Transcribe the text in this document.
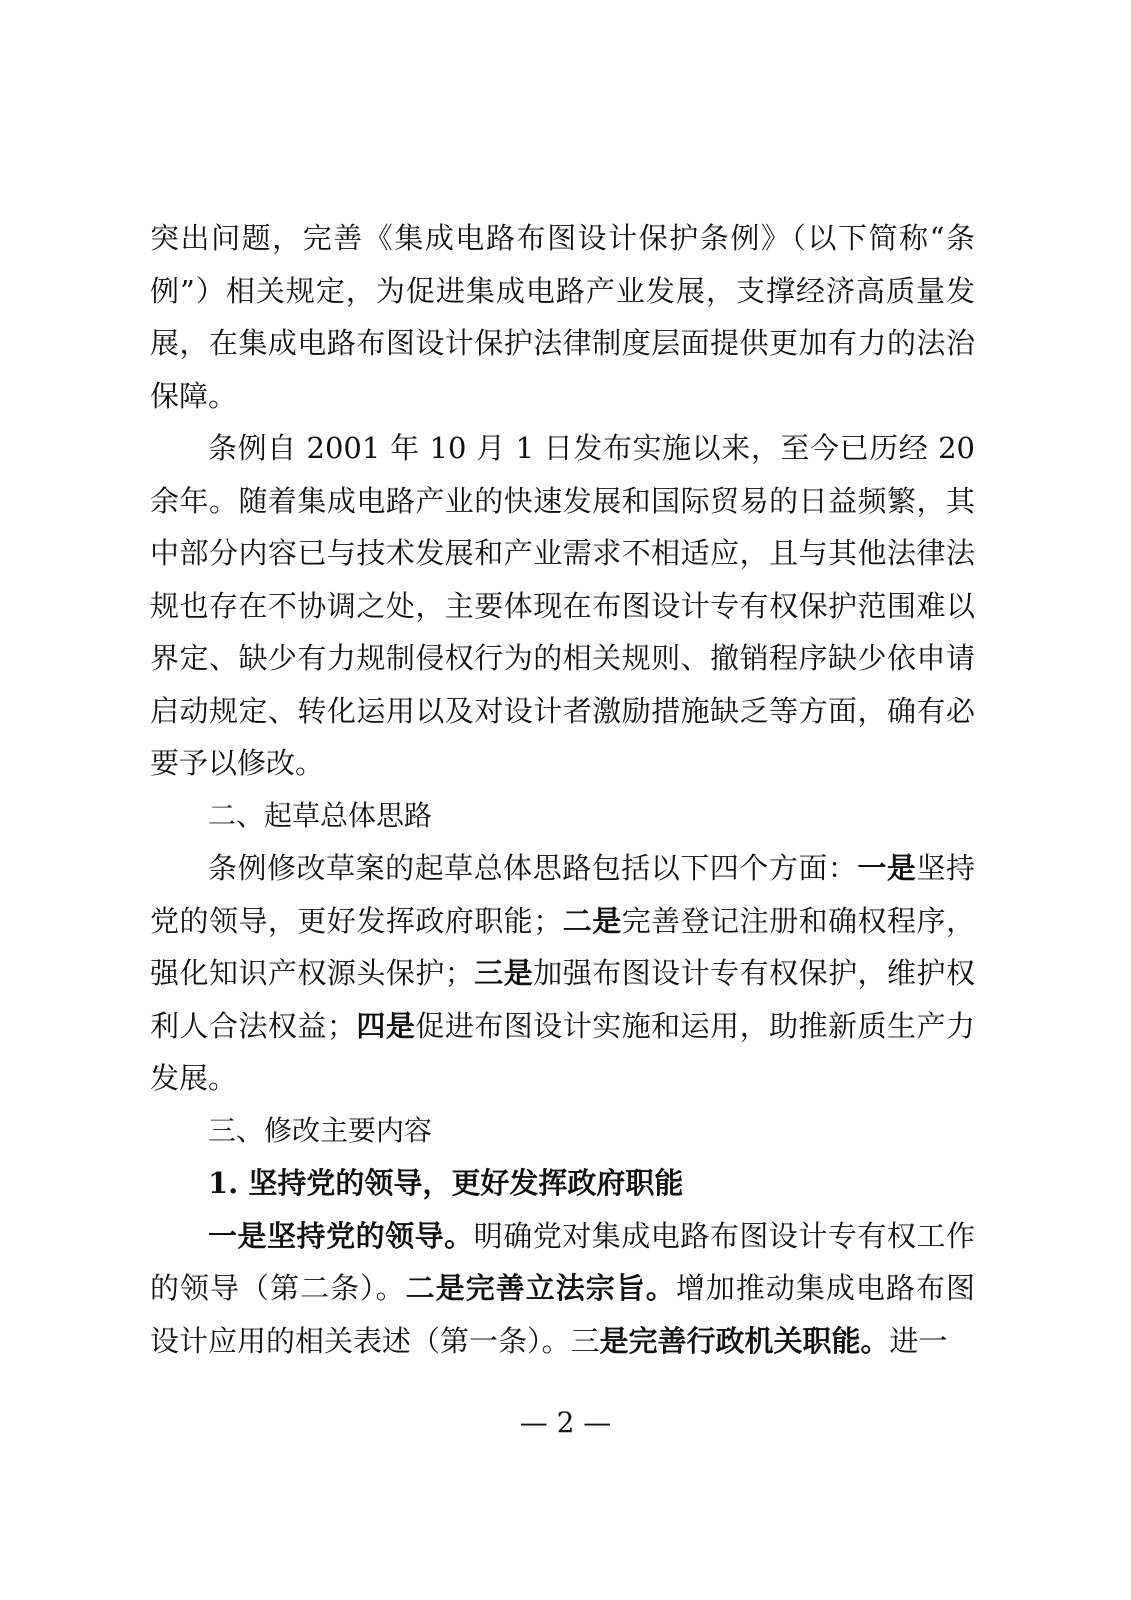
突出问题，完善《集成电路布图设计保护条例》（以下简称“条例”）相关规定，为促进集成电路产业发展，支撑经济高质量发展，在集成电路布图设计保护法律制度层面提供更加有力的法治保障。

条例自 2001 年 10 月 1 日发布实施以来，至今已历经 20 余年。随着集成电路产业的快速发展和国际贸易的日益频繁，其中部分内容已与技术发展和产业需求不相适应，且与其他法律法规也存在不协调之处，主要体现在布图设计专有权保护范围难以界定、缺少有力规制侵权行为的相关规则、撤销程序缺少依申请启动规定、转化运用以及对设计者激励措施缺乏等方面，确有必要予以修改。

二、起草总体思路

条例修改草案的起草总体思路包括以下四个方面：一是坚持党的领导，更好发挥政府职能；二是完善登记注册和确权程序，强化知识产权源头保护；三是加强布图设计专有权保护，维护权利人合法权益；四是促进布图设计实施和运用，助推新质生产力发展。

三、修改主要内容

1. 坚持党的领导，更好发挥政府职能

一是坚持党的领导。明确党对集成电路布图设计专有权工作的领导（第二条）。二是完善立法宗旨。增加推动集成电路布图设计应用的相关表述（第一条）。三是完善行政机关职能。进一

— 2 —
